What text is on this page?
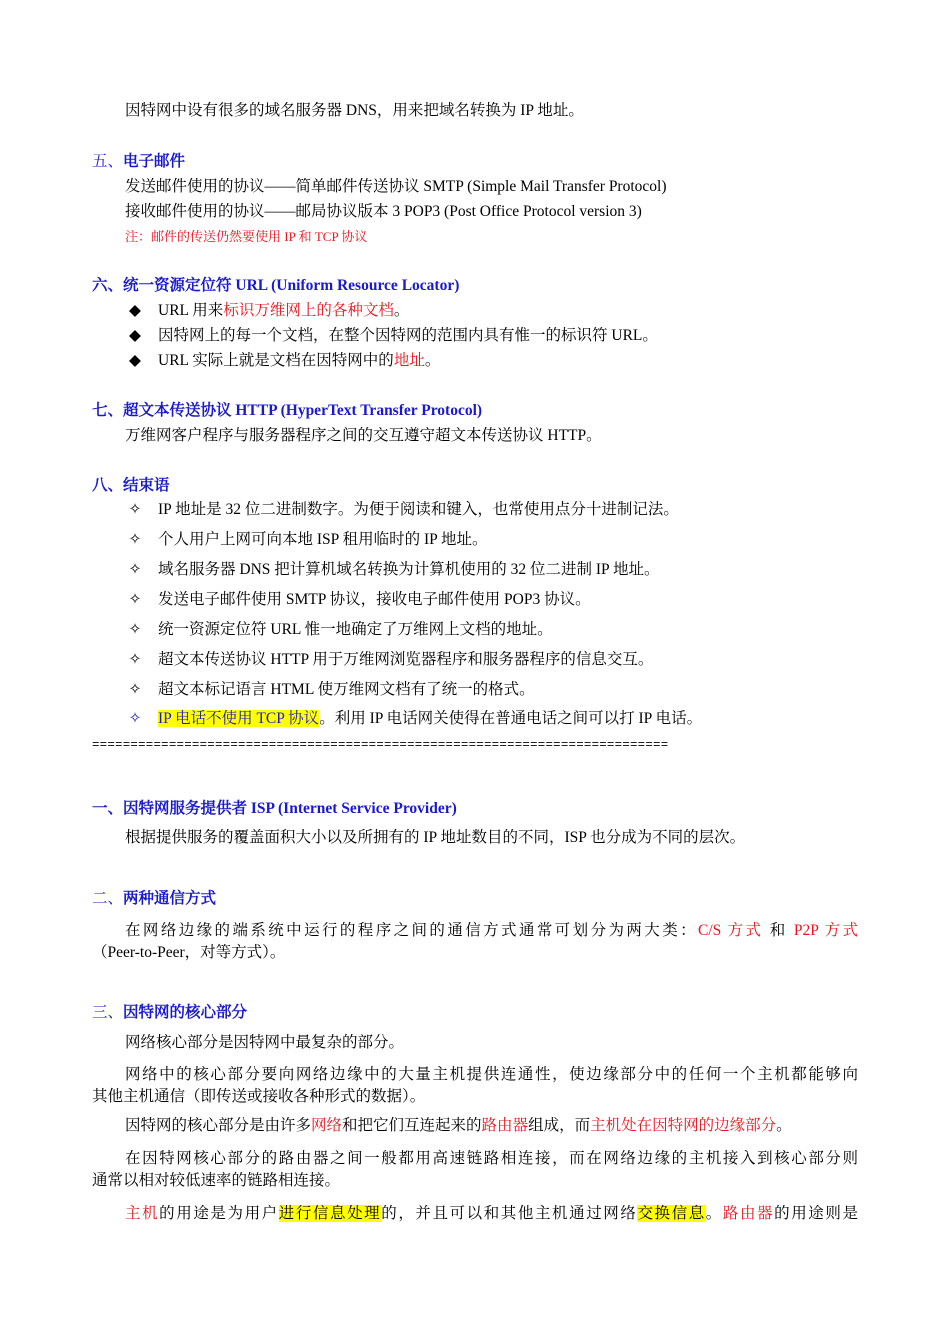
因特网中设有很多的域名服务器 DNS，用来把域名转换为 IP 地址。
五、电子邮件
发送邮件使用的协议——简单邮件传送协议 SMTP (Simple Mail Transfer Protocol)
接收邮件使用的协议——邮局协议版本 3 POP3 (Post Office Protocol version 3)
注：邮件的传送仍然要使用 IP 和 TCP 协议
六、统一资源定位符 URL (Uniform Resource Locator)
◆ URL 用来标识万维网上的各种文档。
◆ 因特网上的每一个文档，在整个因特网的范围内具有惟一的标识符 URL。
◆ URL 实际上就是文档在因特网中的地址。
七、超文本传送协议 HTTP (HyperText Transfer Protocol)
万维网客户程序与服务器程序之间的交互遵守超文本传送协议 HTTP。
八、结束语
✧ IP 地址是 32 位二进制数字。为便于阅读和键入，也常使用点分十进制记法。
✧ 个人用户上网可向本地 ISP 租用临时的 IP 地址。
✧ 域名服务器 DNS 把计算机域名转换为计算机使用的 32 位二进制 IP 地址。
✧ 发送电子邮件使用 SMTP 协议，接收电子邮件使用 POP3 协议。
✧ 统一资源定位符 URL 惟一地确定了万维网上文档的地址。
✧ 超文本传送协议 HTTP 用于万维网浏览器程序和服务器程序的信息交互。
✧ 超文本标记语言 HTML 使万维网文档有了统一的格式。
✧ IP 电话不使用 TCP 协议。利用 IP 电话网关使得在普通电话之间可以打 IP 电话。
===========================================================================
一、因特网服务提供者 ISP (Internet Service Provider)
根据提供服务的覆盖面积大小以及所拥有的 IP 地址数目的不同，ISP 也分成为不同的层次。
二、两种通信方式
在网络边缘的端系统中运行的程序之间的通信方式通常可划分为两大类：C/S 方式 和 P2P 方式
（Peer-to-Peer，对等方式）。
三、因特网的核心部分
网络核心部分是因特网中最复杂的部分。
网络中的核心部分要向网络边缘中的大量主机提供连通性，使边缘部分中的任何一个主机都能够向
其他主机通信（即传送或接收各种形式的数据）。
因特网的核心部分是由许多网络和把它们互连起来的路由器组成，而主机处在因特网的边缘部分。
在因特网核心部分的路由器之间一般都用高速链路相连接，而在网络边缘的主机接入到核心部分则
通常以相对较低速率的链路相连接。
主机的用途是为用户进行信息处理的，并且可以和其他主机通过网络交换信息。路由器的用途则是
